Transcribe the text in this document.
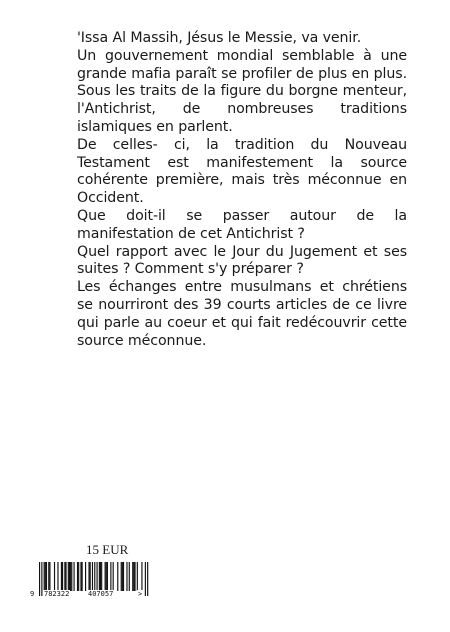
'Issa Al Massih, Jésus le Messie, va venir.

Un gouvernement mondial semblable à une grande mafia paraît se profiler de plus en plus. Sous les traits de la figure du borgne menteur, l'Antichrist, de nombreuses traditions islamiques en parlent.

De celles- ci, la tradition du Nouveau Testament est manifestement la source cohérente première, mais très méconnue en Occident.

Que doit-il se passer autour de la manifestation de cet Antichrist ?

Quel rapport avec le Jour du Jugement et ses suites ? Comment s'y préparer ?

Les échanges entre musulmans et chrétiens se nourriront des 39 courts articles de ce livre qui parle au coeur et qui fait redécouvrir cette source méconnue.

15 EUR
9 782322	407057	>
